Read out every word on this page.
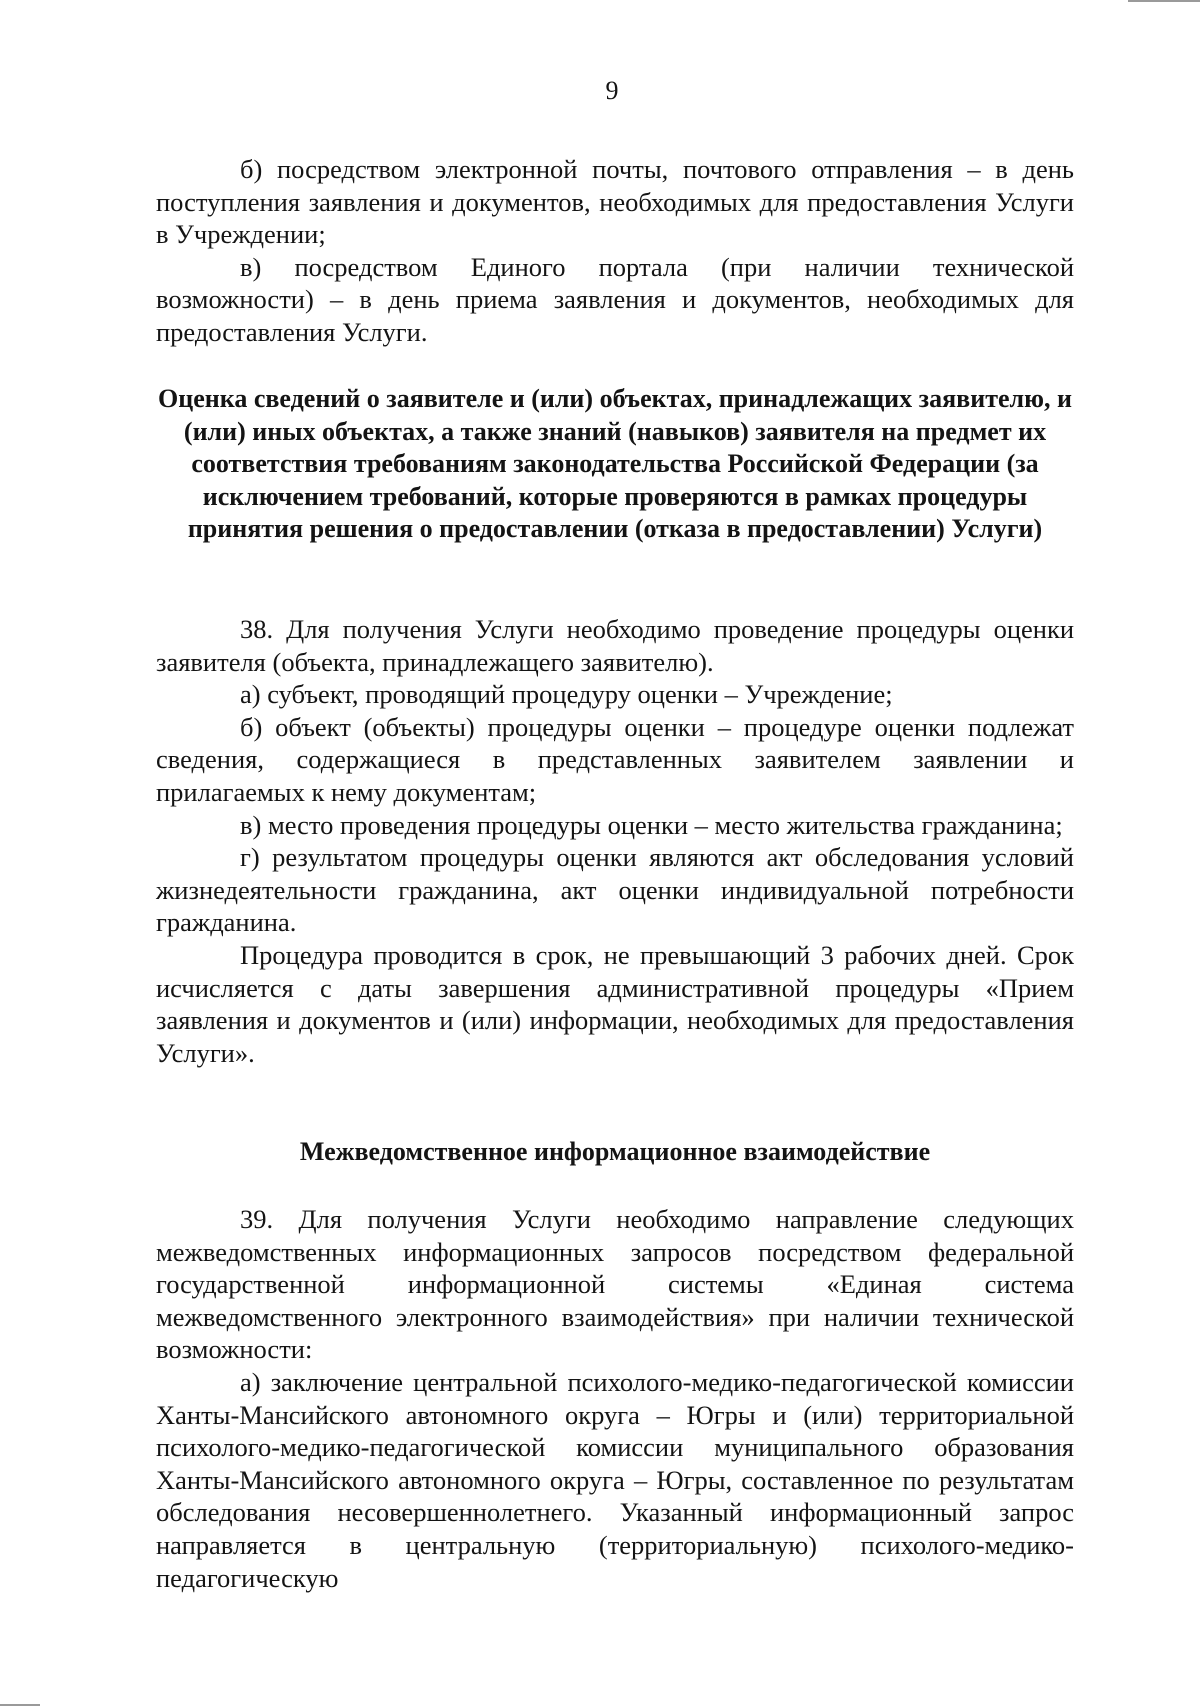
9

б) посредством электронной почты, почтового отправления – в день поступления заявления и документов, необходимых для предоставления Услуги в Учреждении;

в) посредством Единого портала (при наличии технической возможности) – в день приема заявления и документов, необходимых для предоставления Услуги.

Оценка сведений о заявителе и (или) объектах, принадлежащих заявителю, и (или) иных объектах, а также знаний (навыков) заявителя на предмет их соответствия требованиям законодательства Российской Федерации (за исключением требований, которые проверяются в рамках процедуры принятия решения о предоставлении (отказа в предоставлении) Услуги)

38. Для получения Услуги необходимо проведение процедуры оценки заявителя (объекта, принадлежащего заявителю).

а) субъект, проводящий процедуру оценки – Учреждение;

б) объект (объекты) процедуры оценки – процедуре оценки подлежат сведения, содержащиеся в представленных заявителем заявлении и прилагаемых к нему документам;

в) место проведения процедуры оценки – место жительства гражданина;

г) результатом процедуры оценки являются акт обследования условий жизнедеятельности гражданина, акт оценки индивидуальной потребности гражданина.

Процедура проводится в срок, не превышающий 3 рабочих дней. Срок исчисляется с даты завершения административной процедуры «Прием заявления и документов и (или) информации, необходимых для предоставления Услуги».

Межведомственное информационное взаимодействие

39. Для получения Услуги необходимо направление следующих межведомственных информационных запросов посредством федеральной государственной информационной системы «Единая система межведомственного электронного взаимодействия» при наличии технической возможности:

а) заключение центральной психолого-медико-педагогической комиссии Ханты-Мансийского автономного округа – Югры и (или) территориальной психолого-медико-педагогической комиссии муниципального образования Ханты-Мансийского автономного округа – Югры, составленное по результатам обследования несовершеннолетнего. Указанный информационный запрос направляется в центральную (территориальную) психолого-медико-педагогическую
